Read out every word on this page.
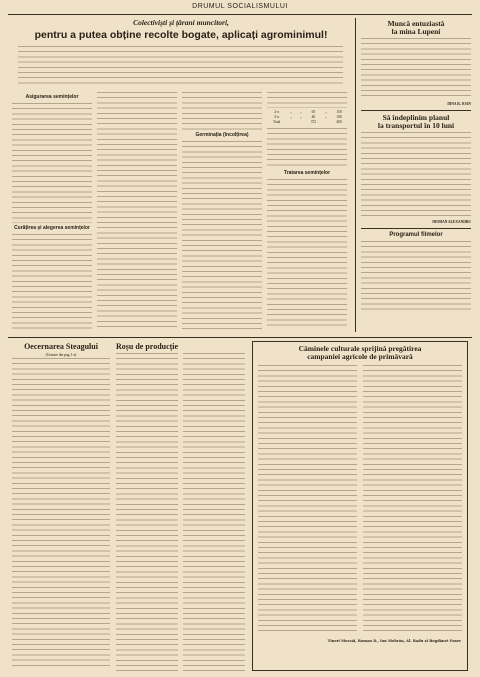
DRUMUL SOCIALISMULUI
Colectiviști și țărani muncitori,
pentru a putea obține recolte bogate, aplicați agrominimul!
Asigurarea semințelor
Curățirea și alegerea semințelor
Germinația (încolțirea)
2-a	„	„	65	„	150
3-a	„	„	40	„	100
Total			372		400
Tratarea semințelor
Muncă entuziastă
la mina Lupeni
DINA R. IOAN
Să îndeplinim planul
la transportul în 10 luni
DEMIAN ALEXANDRU
Programul filmelor
Oecernarea Steagului
(Urmare din pag. I-a)
Roșu de producție	Căminele culturale sprijină pregătirea
campaniei agricole de primăvară
Tineri Mocsăi, Roman D., Ion Mehrăn, Al. Radu și Bogdănet Paser
